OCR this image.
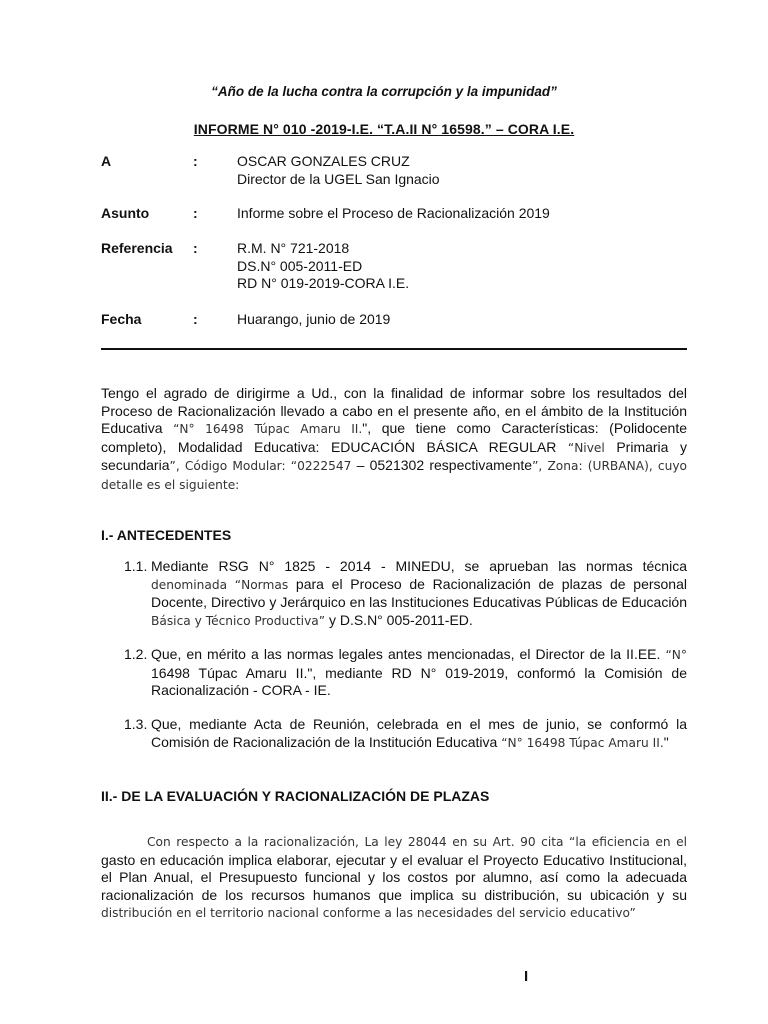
“Año de la lucha contra la corrupción y la impunidad”
INFORME N° 010 -2019-I.E. “T.A.II N° 16598.” – CORA I.E.
A	:	OSCAR GONZALES CRUZ
Director de la UGEL San Ignacio
Asunto	:	Informe sobre el Proceso de Racionalización 2019
Referencia	:	R.M. N° 721-2018
DS.N° 005-2011-ED
RD N° 019-2019-CORA I.E.
Fecha	:	Huarango, junio de 2019
Tengo el agrado de dirigirme a Ud., con la finalidad de informar sobre los resultados del Proceso de Racionalización llevado a cabo en el presente año, en el ámbito de la Institución Educativa “N° 16498 Túpac Amaru II.", que tiene como Características: (Polidocente completo), Modalidad Educativa: EDUCACIÓN BÁSICA REGULAR “Nivel Primaria y secundaria”, Código Modular: “0222547 – 0521302 respectivamente”, Zona: (URBANA), cuyo detalle es el siguiente:
I.- ANTECEDENTES
1.1. Mediante RSG N° 1825 - 2014 - MINEDU, se aprueban las normas técnica denominada “Normas para el Proceso de Racionalización de plazas de personal Docente, Directivo y Jerárquico en las Instituciones Educativas Públicas de Educación Básica y Técnico Productiva” y D.S.N° 005-2011-ED.
1.2. Que, en mérito a las normas legales antes mencionadas, el Director de la II.EE. “N° 16498 Túpac Amaru II.", mediante RD N° 019-2019, conformó la Comisión de Racionalización - CORA - IE.
1.3. Que, mediante Acta de Reunión, celebrada en el mes de junio, se conformó la Comisión de Racionalización de la Institución Educativa “N° 16498 Túpac Amaru II."
II.- DE LA EVALUACIÓN Y RACIONALIZACIÓN DE PLAZAS
Con respecto a la racionalización, La ley 28044 en su Art. 90 cita “la eficiencia en el gasto en educación implica elaborar, ejecutar y el evaluar el Proyecto Educativo Institucional, el Plan Anual, el Presupuesto funcional y los costos por alumno, así como la adecuada racionalización de los recursos humanos que implica su distribución, su ubicación y su distribución en el territorio nacional conforme a las necesidades del servicio educativo”
I
